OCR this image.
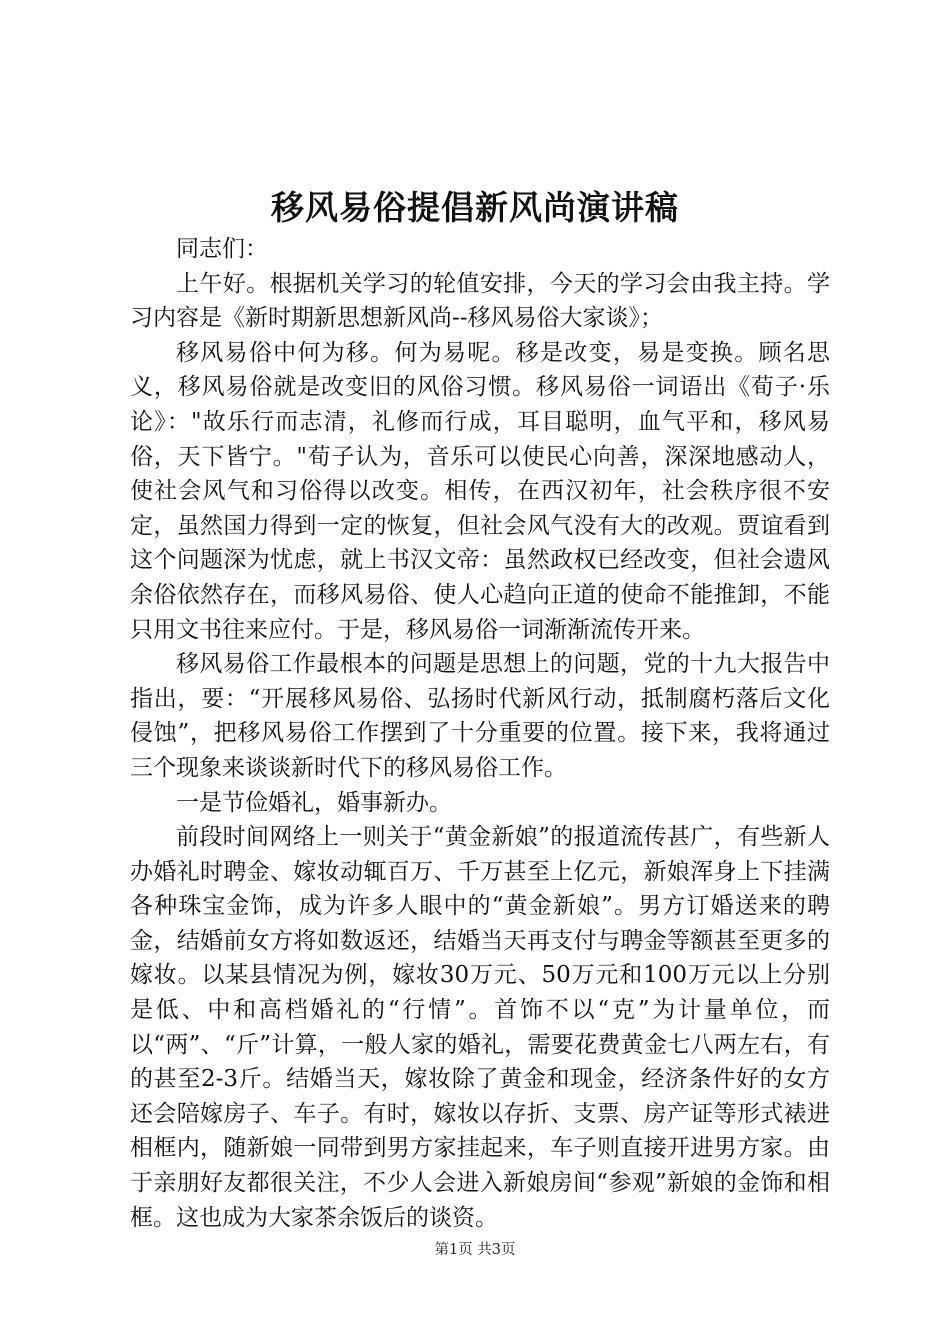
移风易俗提倡新风尚演讲稿

同志们：

上午好。根据机关学习的轮值安排，今天的学习会由我主持。学习内容是《新时期新思想新风尚--移风易俗大家谈》；

移风易俗中何为移。何为易呢。移是改变，易是变换。顾名思义，移风易俗就是改变旧的风俗习惯。移风易俗一词语出《荀子·乐论》："故乐行而志清，礼修而行成，耳目聪明，血气平和，移风易俗，天下皆宁。"荀子认为，音乐可以使民心向善，深深地感动人，使社会风气和习俗得以改变。相传，在西汉初年，社会秩序很不安定，虽然国力得到一定的恢复，但社会风气没有大的改观。贾谊看到这个问题深为忧虑，就上书汉文帝：虽然政权已经改变，但社会遗风余俗依然存在，而移风易俗、使人心趋向正道的使命不能推卸，不能只用文书往来应付。于是，移风易俗一词渐渐流传开来。

移风易俗工作最根本的问题是思想上的问题，党的十九大报告中指出，要：“开展移风易俗、弘扬时代新风行动，抵制腐朽落后文化侵蚀”，把移风易俗工作摆到了十分重要的位置。接下来，我将通过三个现象来谈谈新时代下的移风易俗工作。

一是节俭婚礼，婚事新办。

前段时间网络上一则关于“黄金新娘”的报道流传甚广，有些新人办婚礼时聘金、嫁妆动辄百万、千万甚至上亿元，新娘浑身上下挂满各种珠宝金饰，成为许多人眼中的“黄金新娘”。男方订婚送来的聘金，结婚前女方将如数返还，结婚当天再支付与聘金等额甚至更多的嫁妆。以某县情况为例，嫁妆30万元、50万元和100万元以上分别是低、中和高档婚礼的“行情”。首饰不以“克”为计量单位，而以“两”、“斤”计算，一般人家的婚礼，需要花费黄金七八两左右，有的甚至2-3斤。结婚当天，嫁妆除了黄金和现金，经济条件好的女方还会陪嫁房子、车子。有时，嫁妆以存折、支票、房产证等形式裱进相框内，随新娘一同带到男方家挂起来，车子则直接开进男方家。由于亲朋好友都很关注，不少人会进入新娘房间“参观”新娘的金饰和相框。这也成为大家茶余饭后的谈资。

第1页 共3页
